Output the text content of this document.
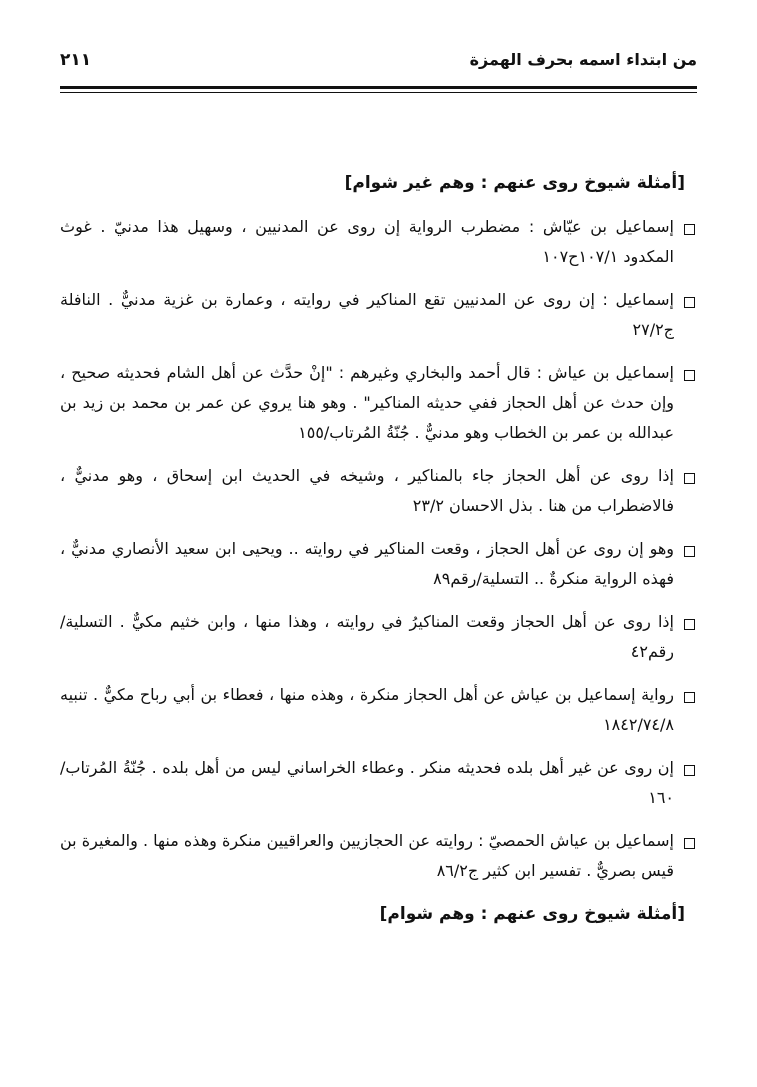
٢١١	من ابتداء اسمه بحرف الهمزة
[أمثلة شيوخ روى عنهم : وهم غير شوام]
إسماعيل بن عيّاش : مضطرب الرواية إن روى عن المدنيين ، وسهيل هذا مدنيّ . غوث المكدود ١٠٧/١ح١٠٧
إسماعيل : إن روى عن المدنيين تقع المناكير في روايته ، وعمارة بن غزية مدنيٌّ . النافلة ج٢٧/٢
إسماعيل بن عياش : قال أحمد والبخاري وغيرهم : "إنْ حدَّث عن أهل الشام فحديثه صحيح ، وإن حدث عن أهل الحجاز ففي حديثه المناكير" . وهو هنا يروي عن عمر بن محمد بن زيد بن عبدالله بن عمر بن الخطاب وهو مدنيٌّ . جُنّةُ المُرتاب/١٥٥
إذا روى عن أهل الحجاز جاء بالمناكير ، وشيخه في الحديث ابن إسحاق ، وهو مدنيٌّ ، فالاضطراب من هنا . بذل الاحسان ٢٣/٢
وهو إن روى عن أهل الحجاز ، وقعت المناكير في روايته .. ويحيى ابن سعيد الأنصاري مدنيٌّ ، فهذه الرواية منكرةٌ .. التسلية/رقم٨٩
إذا روى عن أهل الحجاز وقعت المناكيرُ في روايته ، وهذا منها ، وابن خثيم مكيٌّ . التسلية/رقم٤٢
رواية إسماعيل بن عياش عن أهل الحجاز منكرة ، وهذه منها ، فعطاء بن أبي رباح مكيٌّ . تنبيه ١٨٤٢/٧٤/٨
إن روى عن غير أهل بلده فحديثه منكر . وعطاء الخراساني ليس من أهل بلده . جُنّةُ المُرتاب/١٦٠
إسماعيل بن عياش الحمصيّ : روايته عن الحجازيين والعراقيين منكرة وهذه منها . والمغيرة بن قيس بصريٌّ . تفسير ابن كثير ج٨٦/٢
[أمثلة شيوخ روى عنهم : وهم شوام]
